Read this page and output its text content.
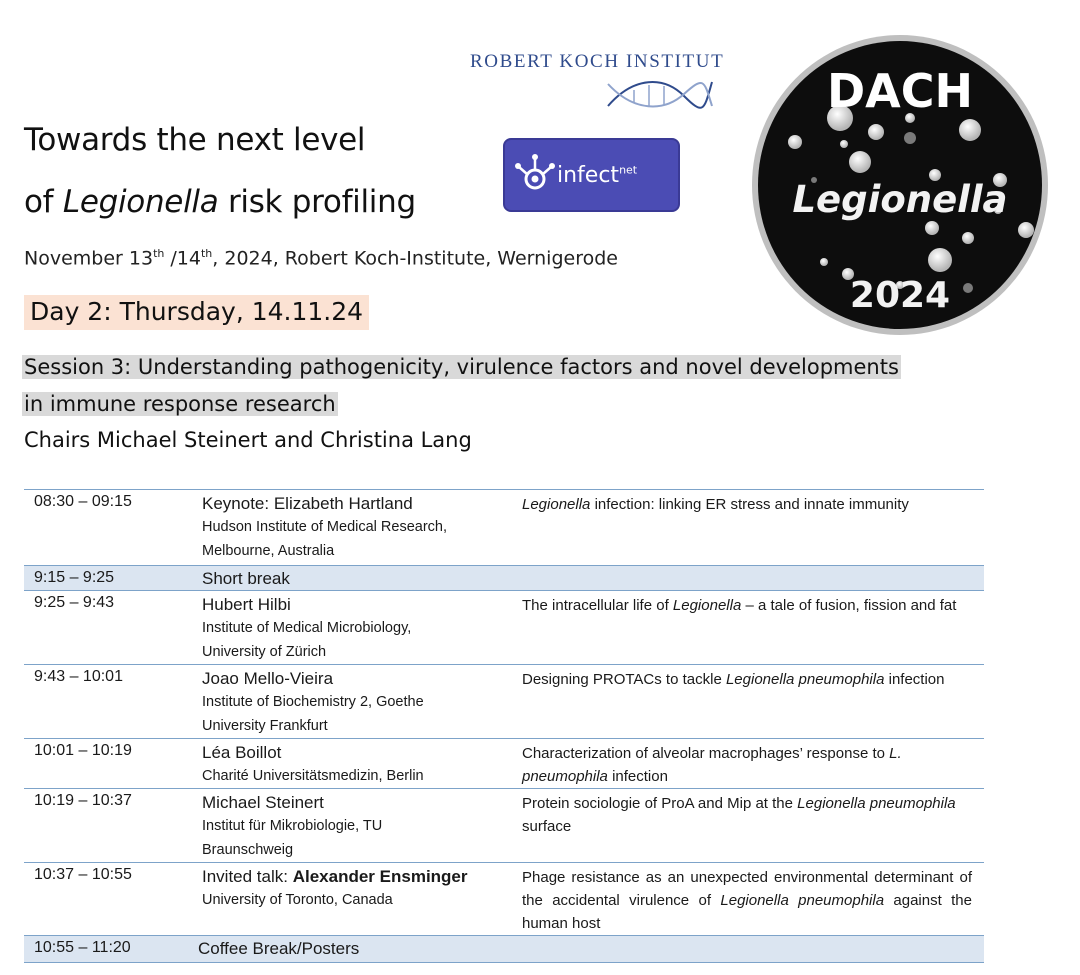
Towards the next level
of Legionella risk profiling
November 13th /14th, 2024, Robert Koch-Institute, Wernigerode
Day 2: Thursday, 14.11.24
Session 3: Understanding pathogenicity, virulence factors and novel developments
in immune response research
Chairs Michael Steinert and Christina Lang
ROBERT KOCH INSTITUT
infect$^{net}$
DACH
Legionella
2024
08:30 – 09:15	Keynote: Elizabeth Hartland
Hudson Institute of Medical Research,
Melbourne, Australia	Legionella infection: linking ER stress and innate immunity
9:15 – 9:25	Short break	
9:25 – 9:43	Hubert Hilbi
Institute of Medical Microbiology,
University of Zürich	The intracellular life of Legionella – a tale of fusion, fission and fat
9:43 – 10:01	Joao Mello-Vieira
Institute of Biochemistry 2, Goethe
University Frankfurt	Designing PROTACs to tackle Legionella pneumophila infection
10:01 – 10:19	Léa Boillot
Charité Universitätsmedizin, Berlin	Characterization of alveolar macrophages’ response to L. pneumophila infection
10:19 – 10:37	Michael Steinert
Institut für Mikrobiologie, TU
Braunschweig	Protein sociologie of ProA and Mip at the Legionella pneumophila surface
10:37 – 10:55	Invited talk: Alexander Ensminger
University of Toronto, Canada	Phage resistance as an unexpected environmental determinant of the accidental virulence of Legionella pneumophila against the human host
10:55 – 11:20	Coffee Break/Posters	
